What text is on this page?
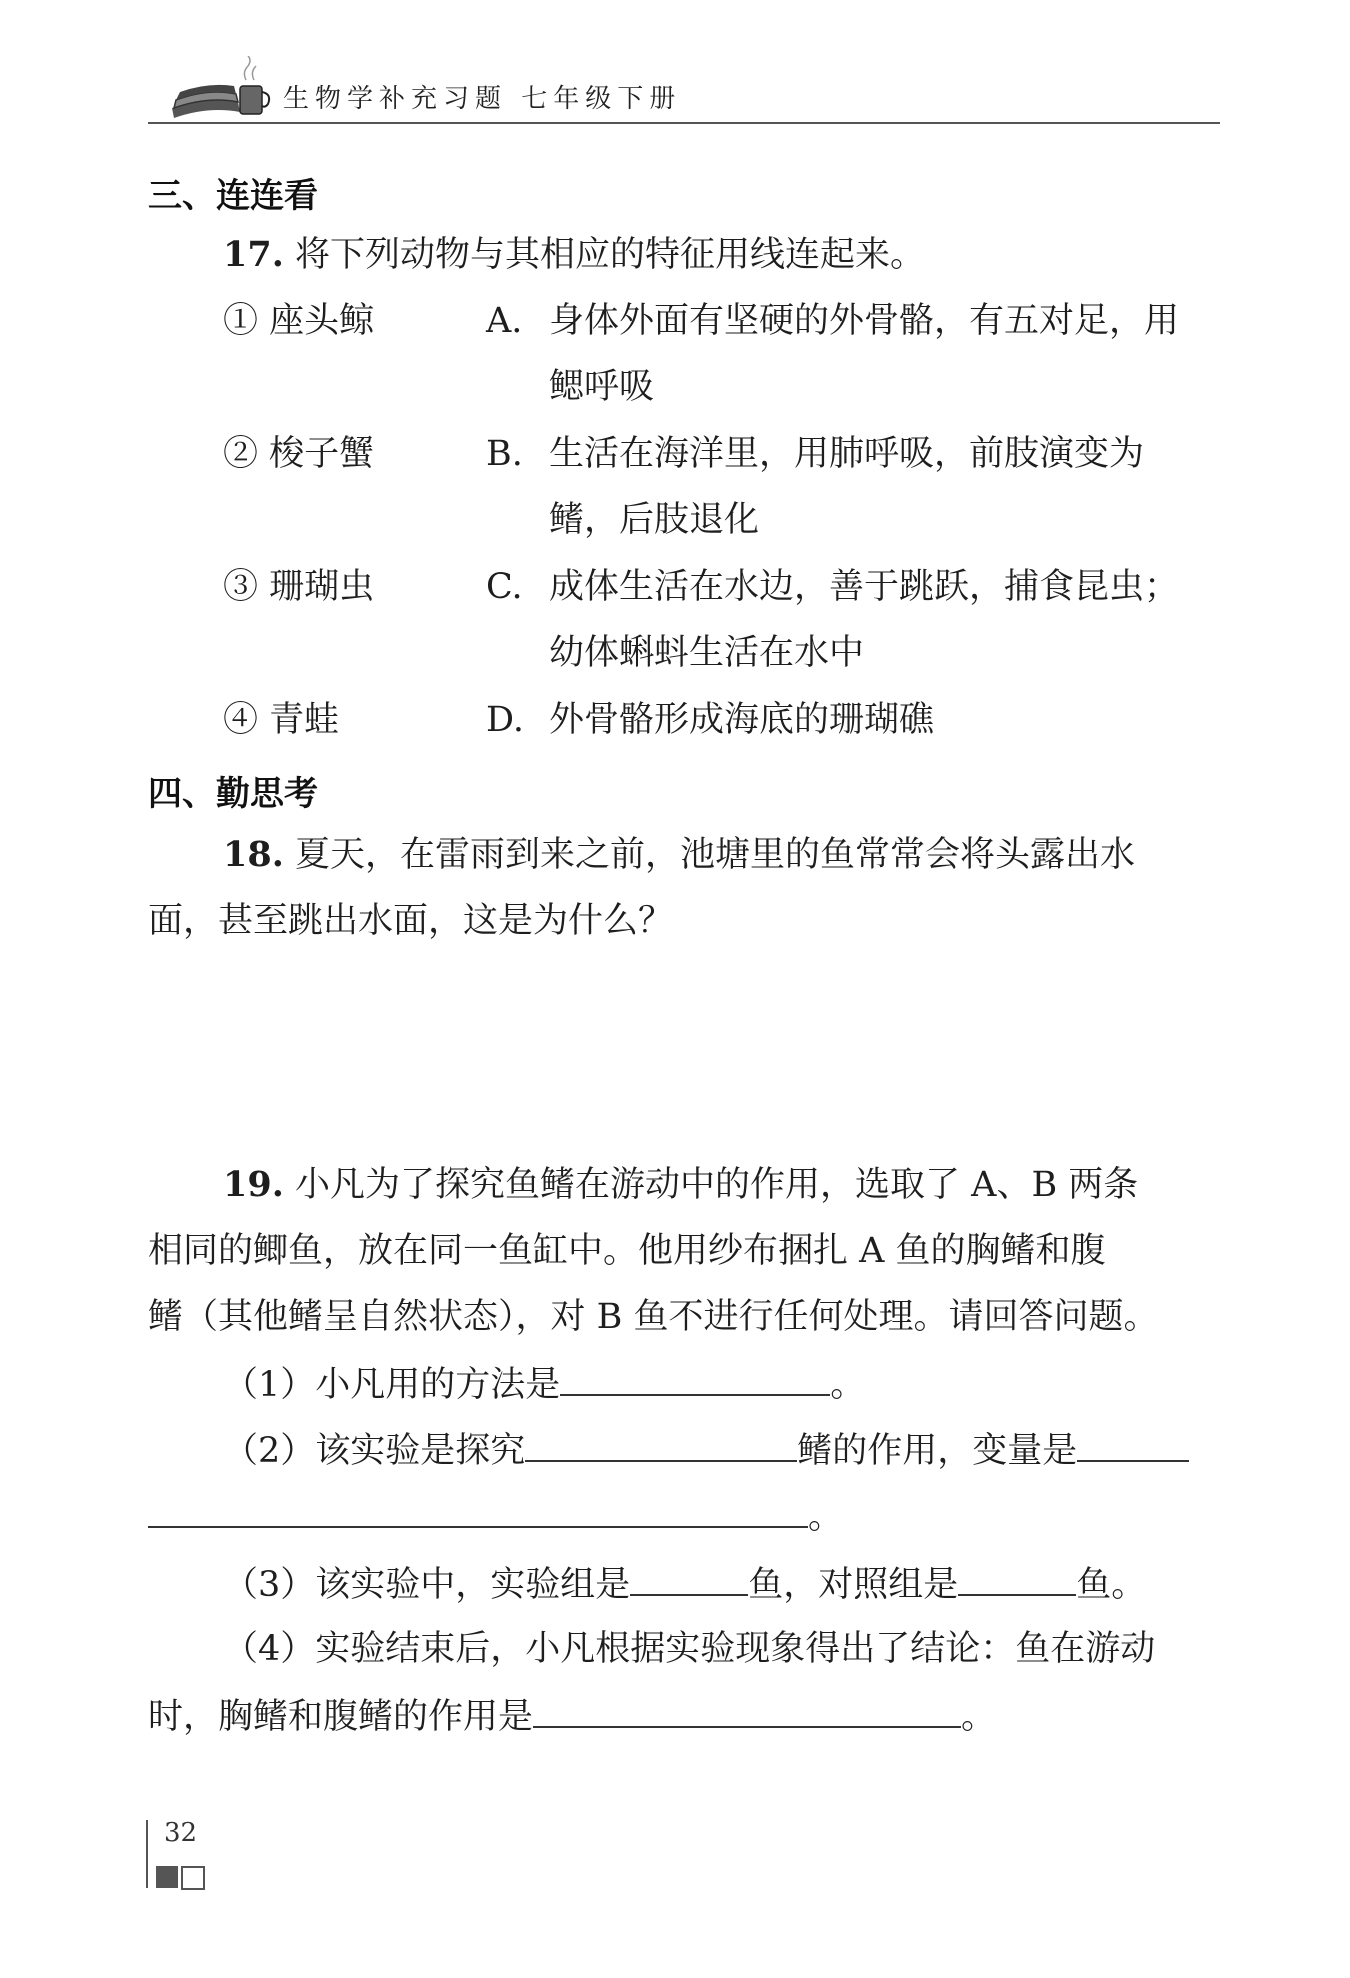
生物学补充习题 七年级下册
三、连连看
17. 将下列动物与其相应的特征用线连起来。
① 座头鲸	A. 身体外面有坚硬的外骨骼，有五对足，用
鳃呼吸
② 梭子蟹	B. 生活在海洋里，用肺呼吸，前肢演变为
鳍，后肢退化
③ 珊瑚虫	C. 成体生活在水边，善于跳跃，捕食昆虫；
幼体蝌蚪生活在水中
④ 青蛙	D. 外骨骼形成海底的珊瑚礁
四、勤思考
18. 夏天，在雷雨到来之前，池塘里的鱼常常会将头露出水
面，甚至跳出水面，这是为什么？
19. 小凡为了探究鱼鳍在游动中的作用，选取了 A、B 两条
相同的鲫鱼，放在同一鱼缸中。他用纱布捆扎 A 鱼的胸鳍和腹
鳍（其他鳍呈自然状态），对 B 鱼不进行任何处理。请回答问题。
（1）小凡用的方法是	。
（2）该实验是探究	鳍的作用，变量是
。
（3）该实验中，实验组是	鱼，对照组是	鱼。
（4）实验结束后，小凡根据实验现象得出了结论：鱼在游动
时，胸鳍和腹鳍的作用是	。
32
